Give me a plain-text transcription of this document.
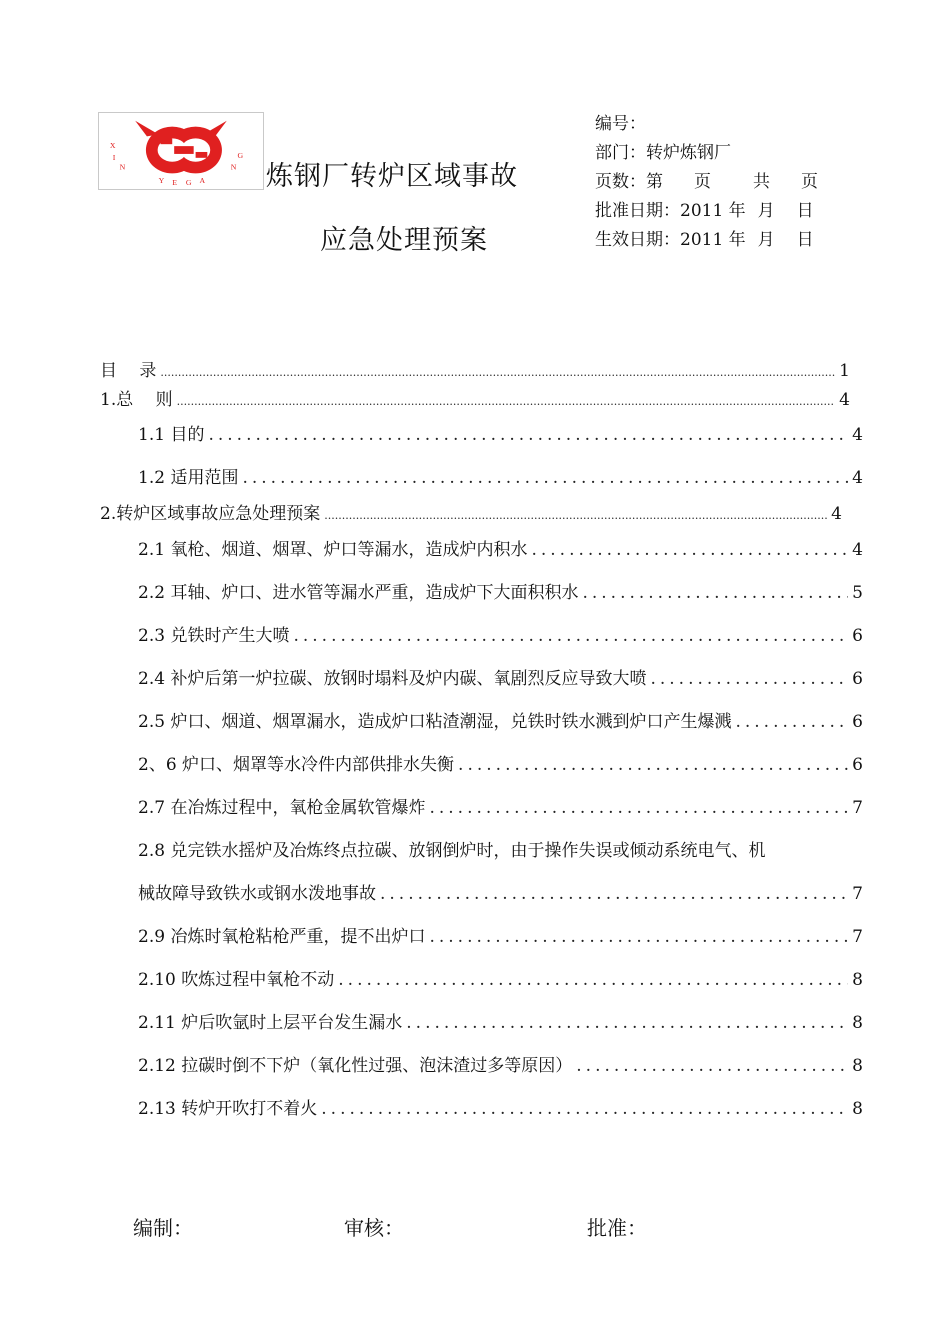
X
I
N
Y E G A
N
G
炼钢厂转炉区域事故
应急处理预案
编号：
部门：转炉炼钢厂
页数：第 页 共 页
批准日期：2011 年 月 日
生效日期：2011 年 月 日
目　 录 .....	1
1.总　 则 .....	4
1.1 目的 .....	4
1.2 适用范围 .....	4
2.转炉区域事故应急处理预案 .....	4
2.1 氧枪、烟道、烟罩、炉口等漏水，造成炉内积水 .....	4
2.2 耳轴、炉口、进水管等漏水严重，造成炉下大面积积水 .....	5
2.3 兑铁时产生大喷 .....	6
2.4 补炉后第一炉拉碳、放钢时塌料及炉内碳、氧剧烈反应导致大喷 .....	6
2.5 炉口、烟道、烟罩漏水，造成炉口粘渣潮湿，兑铁时铁水溅到炉口产生爆溅 .....	6
2、6 炉口、烟罩等水冷件内部供排水失衡 .....	6
2.7 在冶炼过程中，氧枪金属软管爆炸 .....	7
2.8 兑完铁水摇炉及冶炼终点拉碳、放钢倒炉时，由于操作失误或倾动系统电气、机
械故障导致铁水或钢水泼地事故 .....	7
2.9 冶炼时氧枪粘枪严重，提不出炉口 .....	7
2.10 吹炼过程中氧枪不动 .....	8
2.11 炉后吹氩时上层平台发生漏水 .....	8
2.12 拉碳时倒不下炉（氧化性过强、泡沫渣过多等原因） .....	8
2.13 转炉开吹打不着火 .....	8
编制：	审核：	批准：
